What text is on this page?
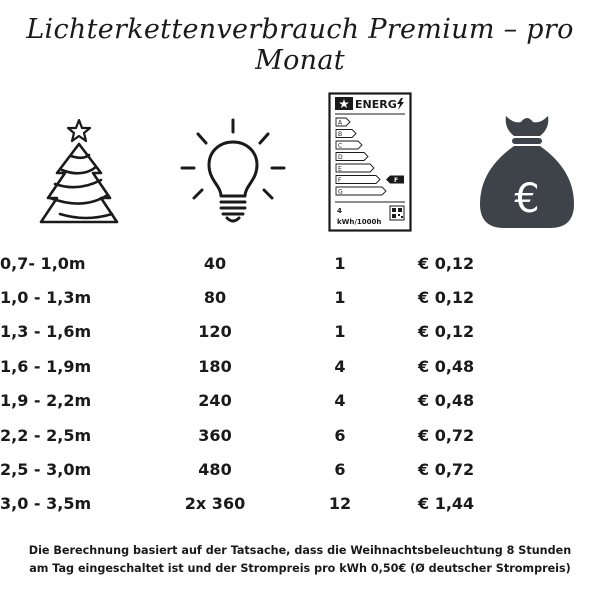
Lichterkettenverbrauch Premium – pro Monat
ENERG
A
B
C
D
E
F
G
F
4
kWh/1000h	€
0,7- 1,0m	40	1	€ 0,12
1,0 - 1,3m	80	1	€ 0,12
1,3 - 1,6m	120	1	€ 0,12
1,6 - 1,9m	180	4	€ 0,48
1,9 - 2,2m	240	4	€ 0,48
2,2 - 2,5m	360	6	€ 0,72
2,5 - 3,0m	480	6	€ 0,72
3,0 - 3,5m	2x 360	12	€ 1,44
Die Berechnung basiert auf der Tatsache, dass die Weihnachtsbeleuchtung 8 Stunden
am Tag eingeschaltet ist und der Strompreis pro kWh 0,50€ (Ø deutscher Strompreis)
